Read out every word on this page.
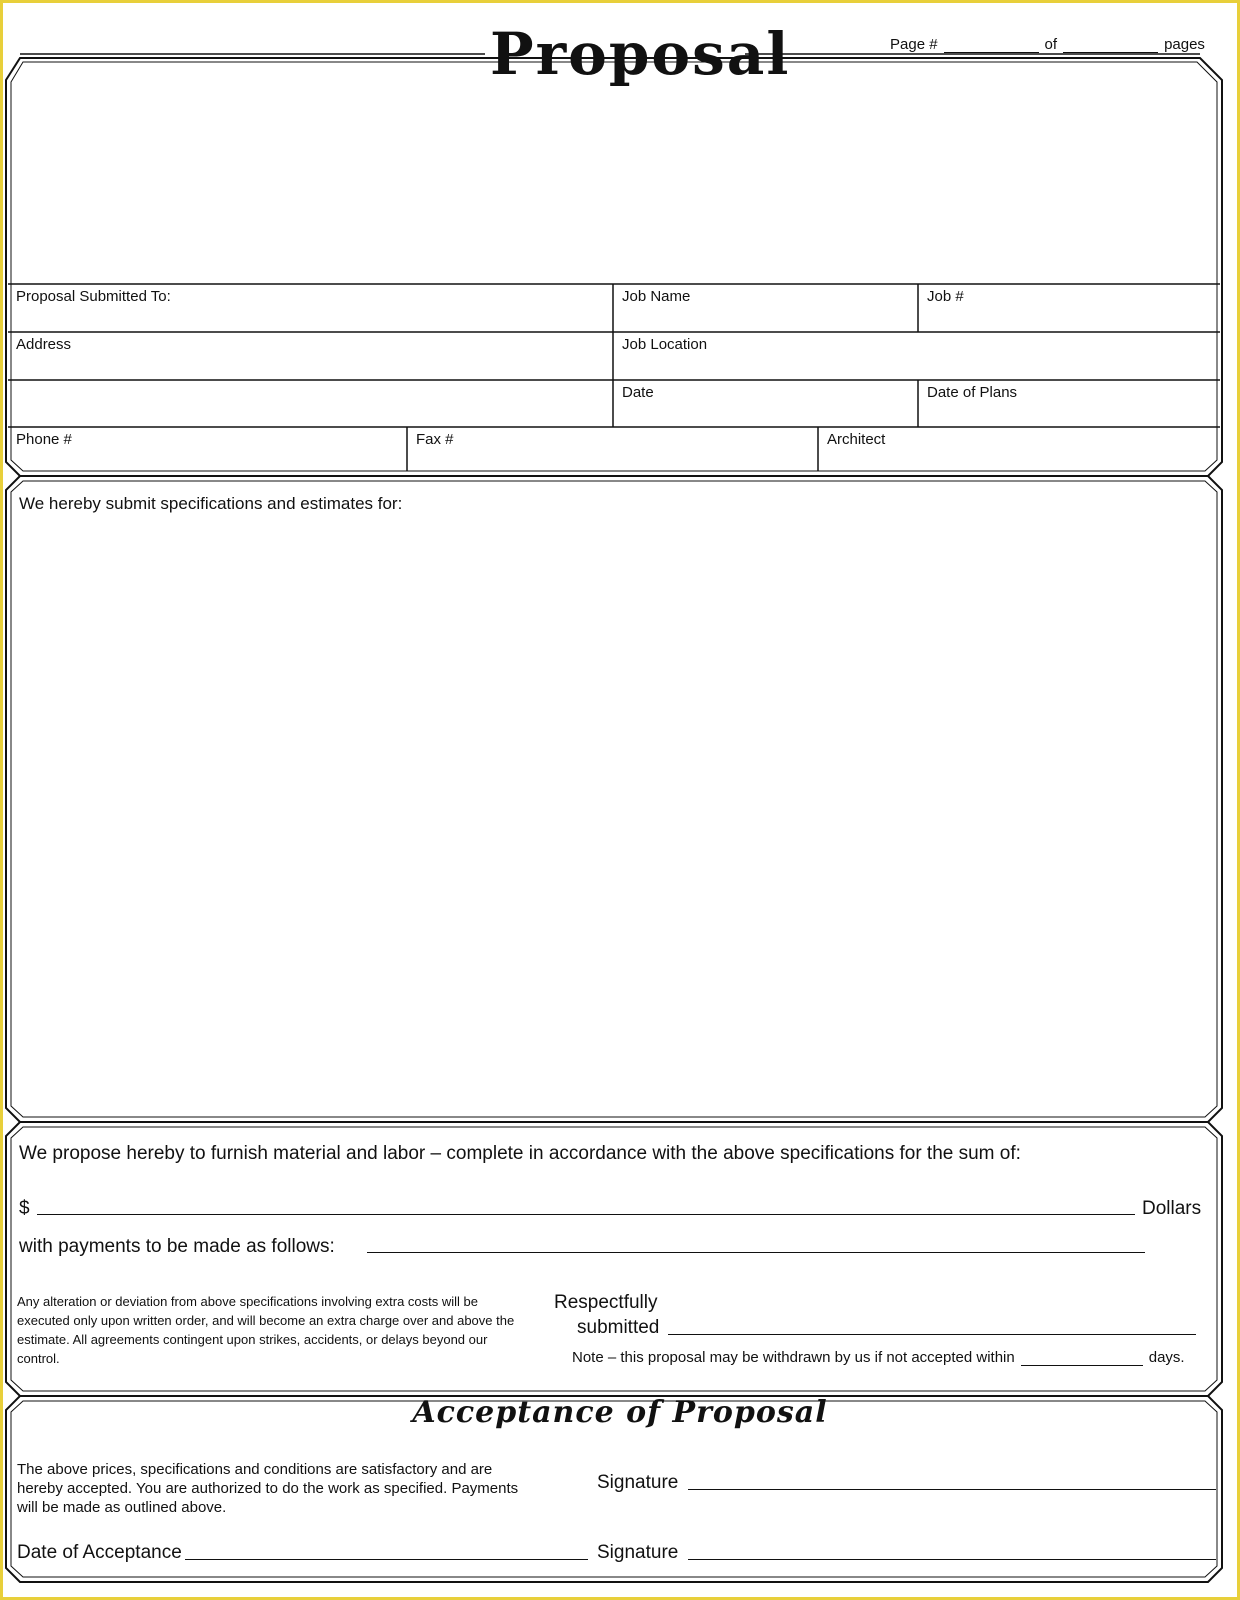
Proposal	Page #	of	pages
Proposal Submitted To:	Job Name	Job #
Address	Job Location
Date	Date of Plans
Phone #	Fax #	Architect
We hereby submit specifications and estimates for:
We propose hereby to furnish material and labor – complete in accordance with the above specifications for the sum of:
$	Dollars
with payments to be made as follows:
Any alteration or deviation from above specifications involving extra costs will be executed only upon written order, and will become an extra charge over and above the estimate. All agreements contingent upon strikes, accidents, or delays beyond our control.
Respectfully
submitted
Note – this proposal may be withdrawn by us if not accepted within	days.
Acceptance of Proposal
The above prices, specifications and conditions are satisfactory and are hereby accepted. You are authorized to do the work as specified. Payments will be made as outlined above.
Signature
Date of Acceptance	Signature
